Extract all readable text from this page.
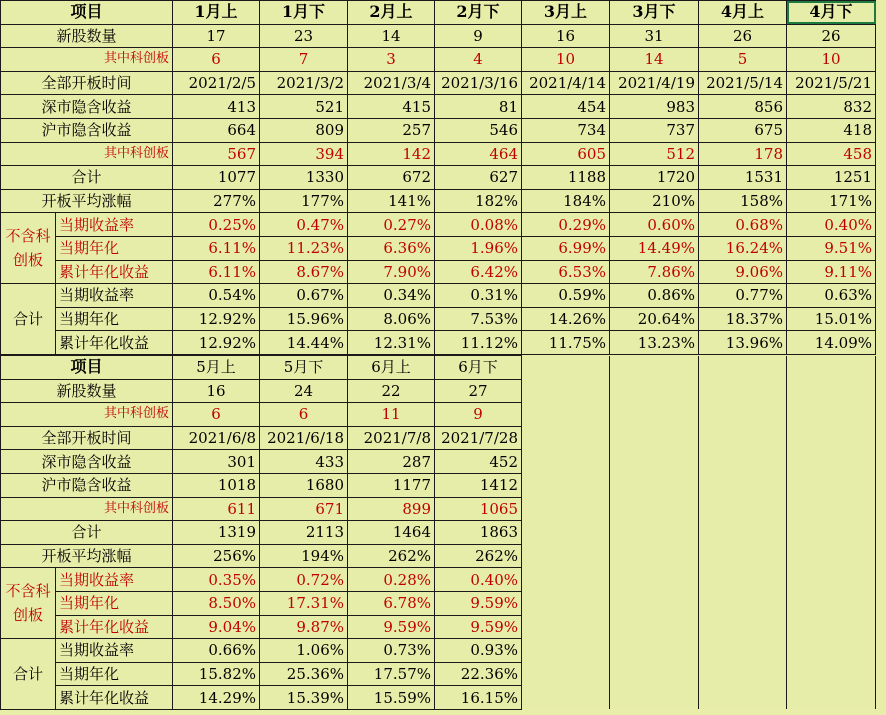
项目		1月上	1月下	2月上	2月下	3月上	3月下	4月上	4月下
新股数量		17	23	14	9	16	31	26	26
其中科创板		6	7	3	4	10	14	5	10
全部开板时间		2021/2/5	2021/3/2	2021/3/4	2021/3/16	2021/4/14	2021/4/19	2021/5/14	2021/5/21
深市隐含收益		413	521	415	81	454	983	856	832
沪市隐含收益		664	809	257	546	734	737	675	418
其中科创板		567	394	142	464	605	512	178	458
合计		1077	1330	672	627	1188	1720	1531	1251
开板平均涨幅		277%	177%	141%	182%	184%	210%	158%	171%
不含科创板	当期收益率	0.25%	0.47%	0.27%	0.08%	0.29%	0.60%	0.68%	0.40%
	当期年化	6.11%	11.23%	6.36%	1.96%	6.99%	14.49%	16.24%	9.51%
	累计年化收益	6.11%	8.67%	7.90%	6.42%	6.53%	7.86%	9.06%	9.11%
合计	当期收益率	0.54%	0.67%	0.34%	0.31%	0.59%	0.86%	0.77%	0.63%
	当期年化	12.92%	15.96%	8.06%	7.53%	14.26%	20.64%	18.37%	15.01%
	累计年化收益	12.92%	14.44%	12.31%	11.12%	11.75%	13.23%	13.96%	14.09%
项目		5月上	5月下	6月上	6月下				
新股数量		16	24	22	27				
其中科创板		6	6	11	9				
全部开板时间		2021/6/8	2021/6/18	2021/7/8	2021/7/28				
深市隐含收益		301	433	287	452				
沪市隐含收益		1018	1680	1177	1412				
其中科创板		611	671	899	1065				
合计		1319	2113	1464	1863				
开板平均涨幅		256%	194%	262%	262%				
不含科创板	当期收益率	0.35%	0.72%	0.28%	0.40%				
	当期年化	8.50%	17.31%	6.78%	9.59%				
	累计年化收益	9.04%	9.87%	9.59%	9.59%				
合计	当期收益率	0.66%	1.06%	0.73%	0.93%				
	当期年化	15.82%	25.36%	17.57%	22.36%				
	累计年化收益	14.29%	15.39%	15.59%	16.15%				
